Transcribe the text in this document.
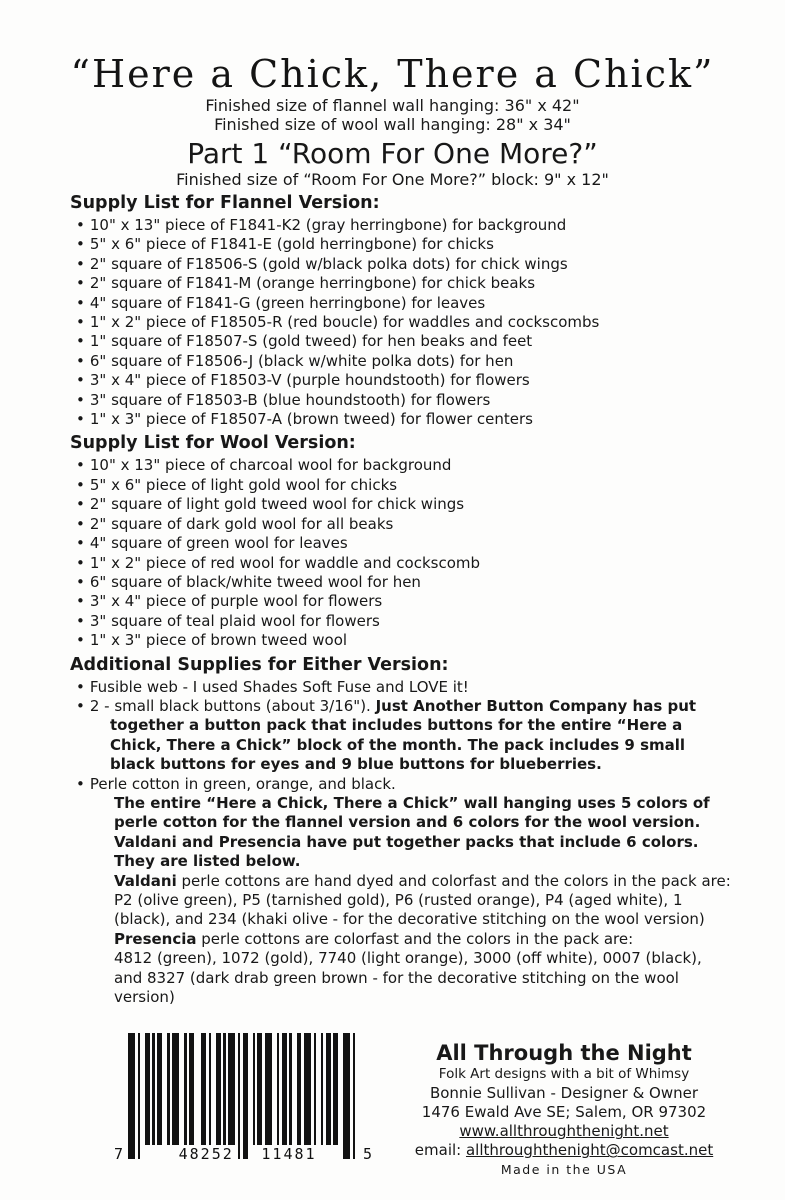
“Here a Chick, There a Chick”
Finished size of flannel wall hanging: 36" x 42"
Finished size of wool wall hanging: 28" x 34"
Part 1 “Room For One More?”
Finished size of “Room For One More?” block: 9" x 12"
Supply List for Flannel Version:
• 10" x 13" piece of F1841-K2 (gray herringbone) for background
• 5" x 6" piece of F1841-E (gold herringbone) for chicks
• 2" square of F18506-S (gold w/black polka dots) for chick wings
• 2" square of F1841-M (orange herringbone) for chick beaks
• 4" square of F1841-G (green herringbone) for leaves
• 1" x 2" piece of F18505-R (red boucle) for waddles and cockscombs
• 1" square of F18507-S (gold tweed) for hen beaks and feet
• 6" square of F18506-J (black w/white polka dots) for hen
• 3" x 4" piece of F18503-V (purple houndstooth) for flowers
• 3" square of F18503-B (blue houndstooth) for flowers
• 1" x 3" piece of F18507-A (brown tweed) for flower centers
Supply List for Wool Version:
• 10" x 13" piece of charcoal wool for background
• 5" x 6" piece of light gold wool for chicks
• 2" square of light gold tweed wool for chick wings
• 2" square of dark gold wool for all beaks
• 4" square of green wool for leaves
• 1" x 2" piece of red wool for waddle and cockscomb
• 6" square of black/white tweed wool for hen
• 3" x 4" piece of purple wool for flowers
• 3" square of teal plaid wool for flowers
• 1" x 3" piece of brown tweed wool
Additional Supplies for Either Version:
• Fusible web - I used Shades Soft Fuse and LOVE it!
• 2 - small black buttons (about 3/16"). Just Another Button Company has put together a button pack that includes buttons for the entire “Here a Chick, There a Chick” block of the month. The pack includes 9 small black buttons for eyes and 9 blue buttons for blueberries.
• Perle cotton in green, orange, and black.
The entire “Here a Chick, There a Chick” wall hanging uses 5 colors of perle cotton for the flannel version and 6 colors for the wool version. Valdani and Presencia have put together packs that include 6 colors.
They are listed below.
Valdani perle cottons are hand dyed and colorfast and the colors in the pack are:
P2 (olive green), P5 (tarnished gold), P6 (rusted orange), P4 (aged white), 1 (black), and 234 (khaki olive - for the decorative stitching on the wool version)
Presencia perle cottons are colorfast and the colors in the pack are:
4812 (green), 1072 (gold), 7740 (light orange), 3000 (off white), 0007 (black), and 8327 (dark drab green brown - for the decorative stitching on the wool version)
7	48252	11481	5
All Through the Night
Folk Art designs with a bit of Whimsy
Bonnie Sullivan - Designer & Owner
1476 Ewald Ave SE; Salem, OR 97302
www.allthroughthenight.net
email: allthroughthenight@comcast.net
Made in the USA
